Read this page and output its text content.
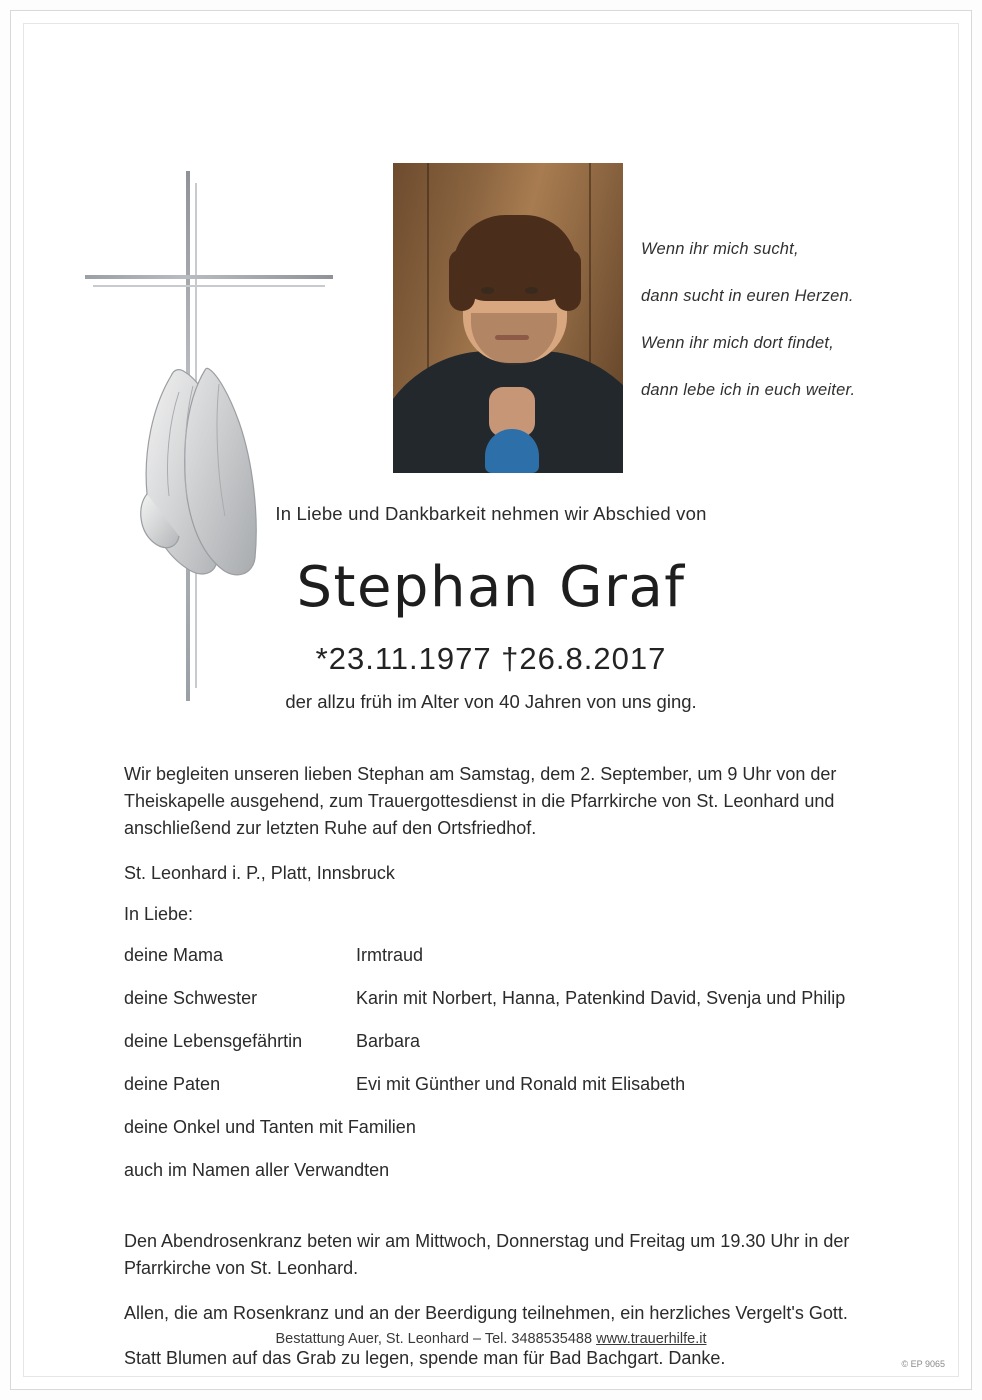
Wenn ihr mich sucht,
dann sucht in euren Herzen.
Wenn ihr mich dort findet,
dann lebe ich in euch weiter.
In Liebe und Dankbarkeit nehmen wir Abschied von
Stephan Graf
*23.11.1977 †26.8.2017
der allzu früh im Alter von 40 Jahren von uns ging.

Wir begleiten unseren lieben Stephan am Samstag, dem 2. September, um 9 Uhr von der Theiskapelle ausgehend, zum Trauergottesdienst in die Pfarrkirche von St. Leonhard und anschließend zur letzten Ruhe auf den Ortsfriedhof.

St. Leonhard i. P., Platt, Innsbruck

In Liebe:

deine Mama	Irmtraud
deine Schwester	Karin mit Norbert, Hanna, Patenkind David, Svenja und Philip
deine Lebensgefährtin	Barbara
deine Paten	Evi mit Günther und Ronald mit Elisabeth
deine Onkel und Tanten mit Familien
auch im Namen aller Verwandten

Den Abendrosenkranz beten wir am Mittwoch, Donnerstag und Freitag um 19.30 Uhr in der Pfarrkirche von St. Leonhard.

Allen, die am Rosenkranz und an der Beerdigung teilnehmen, ein herzliches Vergelt's Gott.

Statt Blumen auf das Grab zu legen, spende man für Bad Bachgart. Danke.

Bestattung Auer, St. Leonhard – Tel. 3488535488 www.trauerhilfe.it
© EP 9065
